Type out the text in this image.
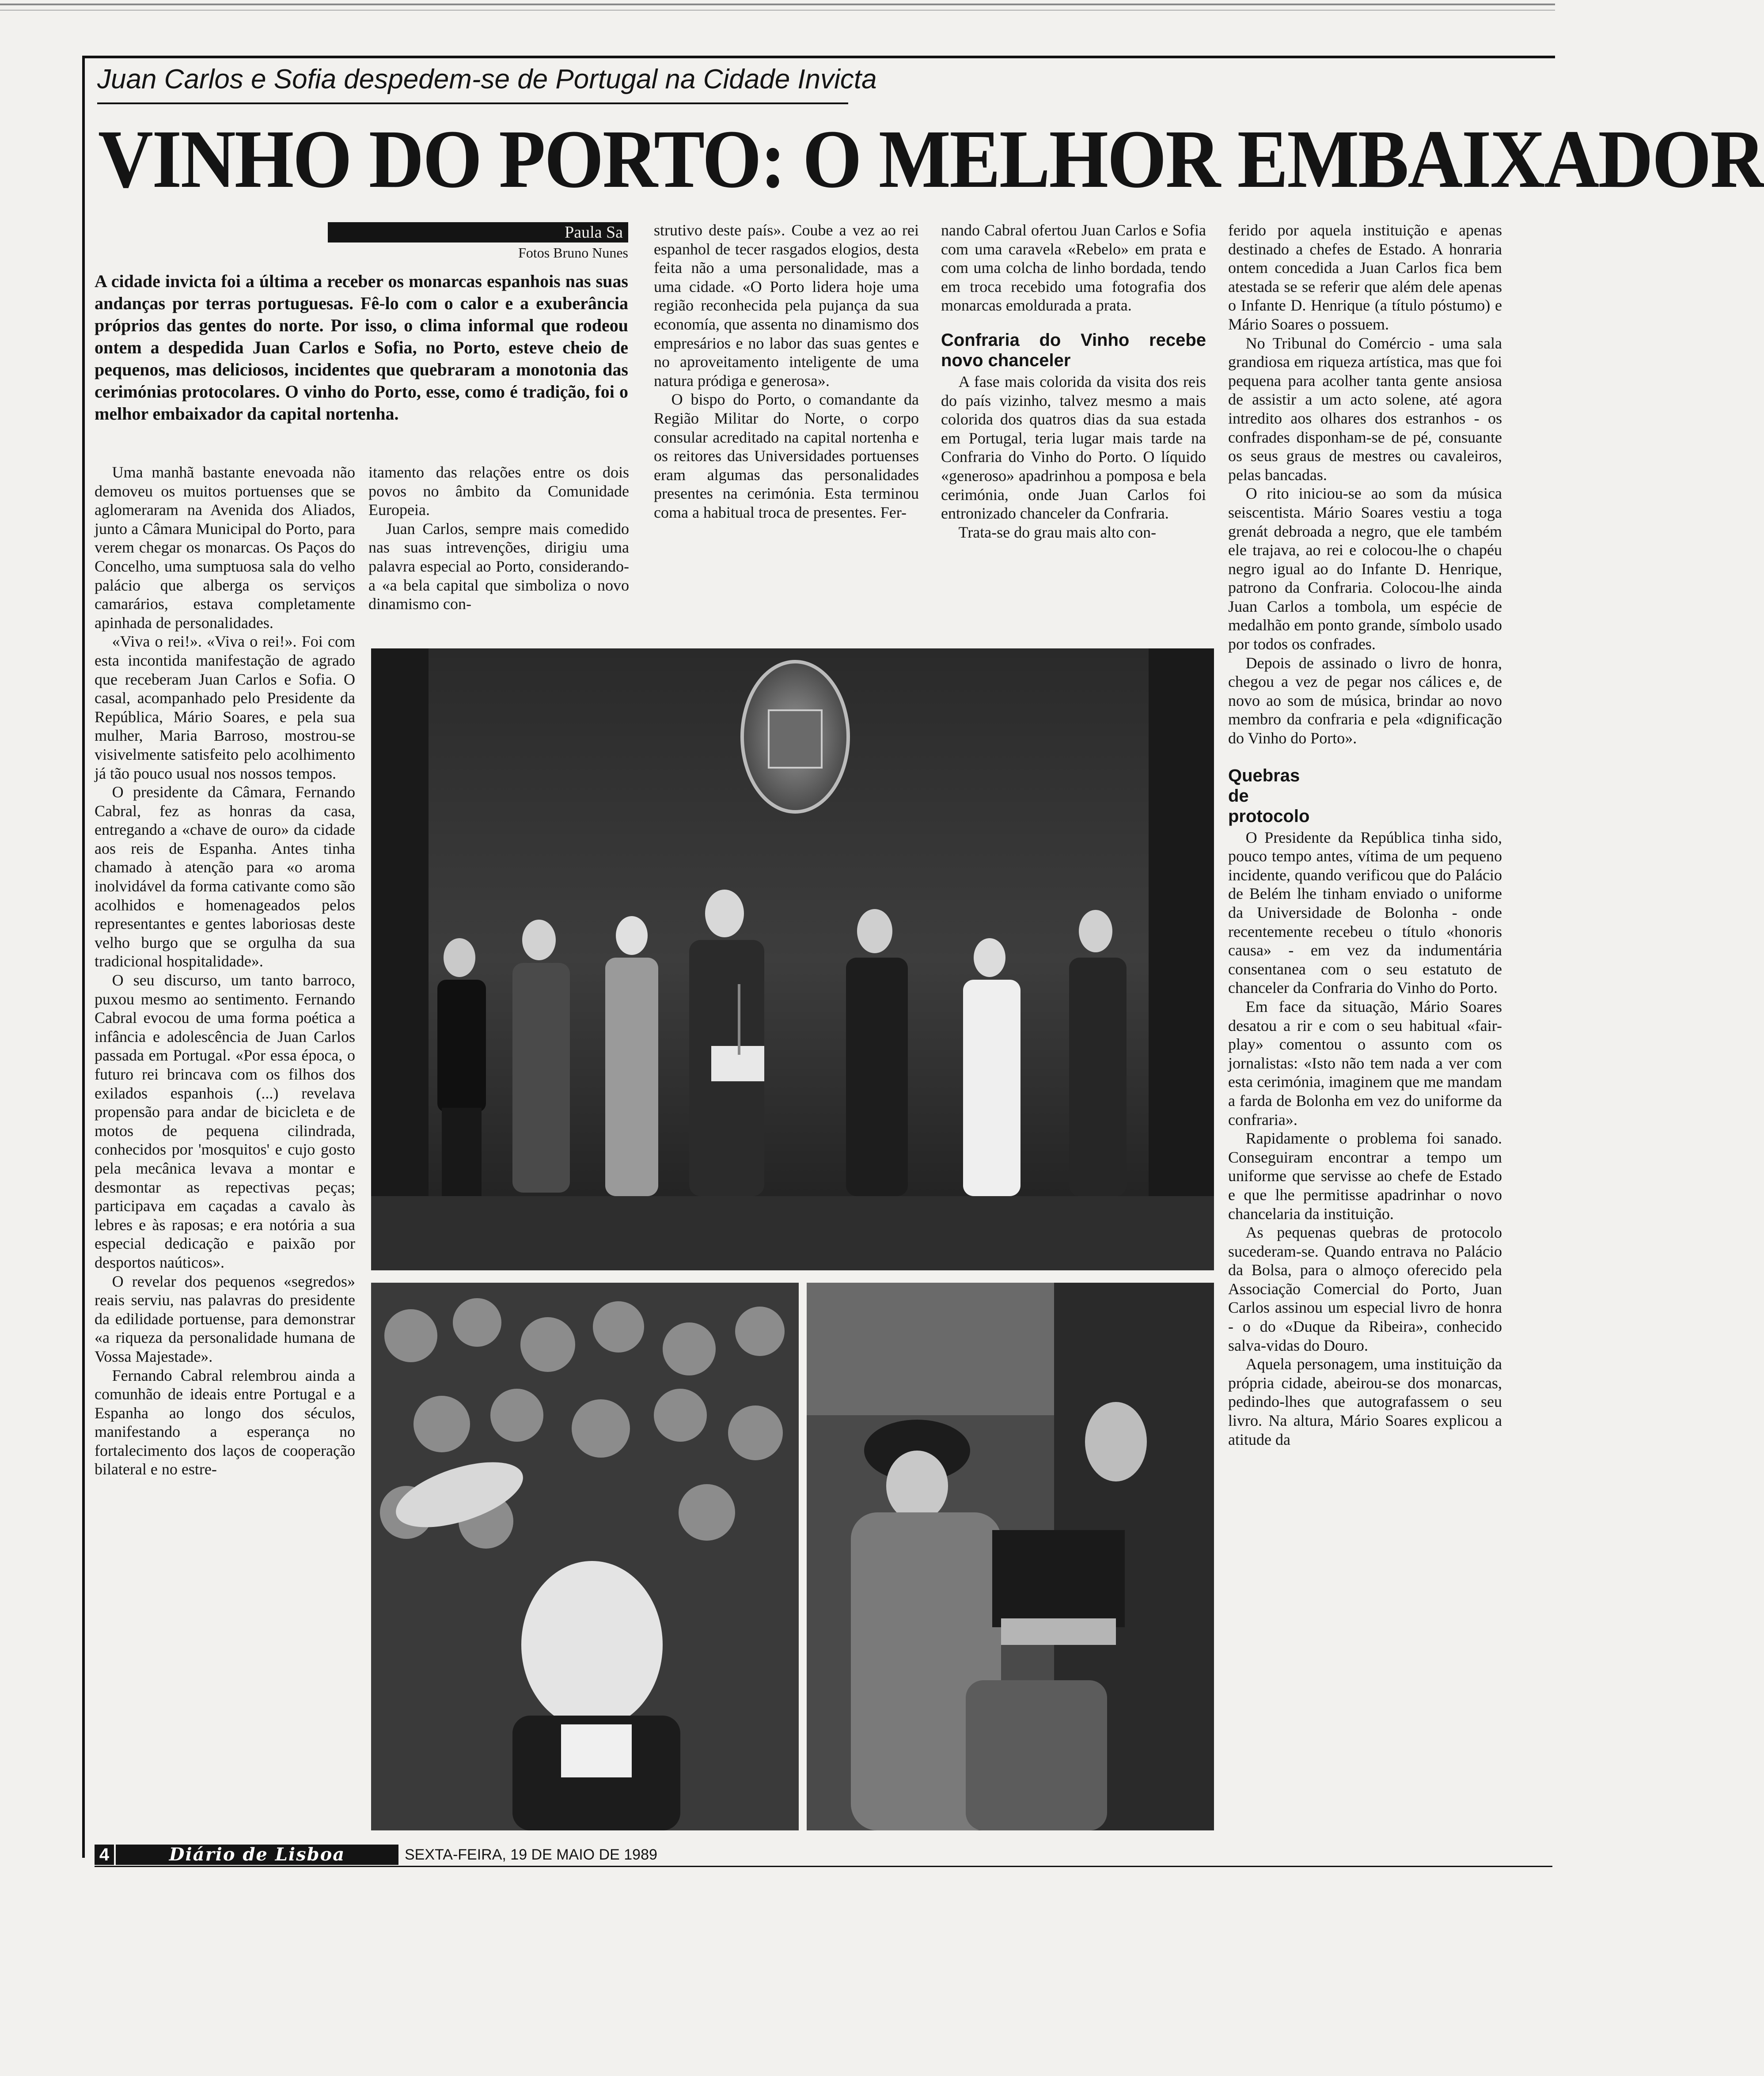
Juan Carlos e Sofia despedem-se de Portugal na Cidade Invicta
VINHO DO PORTO: O MELHOR EMBAIXADOR
Paula Sa
Fotos Bruno Nunes
A cidade invicta foi a última a receber os monarcas espanhois nas suas andanças por terras portuguesas. Fê-lo com o calor e a exuberância próprios das gentes do norte. Por isso, o clima informal que rodeou ontem a despedida Juan Carlos e Sofia, no Porto, esteve cheio de pequenos, mas deliciosos, incidentes que quebraram a monotonia das cerimónias protocolares. O vinho do Porto, esse, como é tradição, foi o melhor embaixador da capital nortenha.

Uma manhã bastante enevoada não demoveu os muitos portuenses que se aglomeraram na Avenida dos Aliados, junto a Câmara Municipal do Porto, para verem chegar os monarcas. Os Paços do Concelho, uma sumptuosa sala do velho palácio que alberga os serviços camarários, estava completamente apinhada de personalidades.

«Viva o rei!». «Viva o rei!». Foi com esta incontida manifestação de agrado que receberam Juan Carlos e Sofia. O casal, acompanhado pelo Presidente da República, Mário Soares, e pela sua mulher, Maria Barroso, mostrou-se visivelmente satisfeito pelo acolhimento já tão pouco usual nos nossos tempos.

O presidente da Câmara, Fernando Cabral, fez as honras da casa, entregando a «chave de ouro» da cidade aos reis de Espanha. Antes tinha chamado à atenção para «o aroma inolvidável da forma cativante como são acolhidos e homenageados pelos representantes e gentes laboriosas deste velho burgo que se orgulha da sua tradicional hospitalidade».

O seu discurso, um tanto barroco, puxou mesmo ao sentimento. Fernando Cabral evocou de uma forma poética a infância e adolescência de Juan Carlos passada em Portugal. «Por essa época, o futuro rei brincava com os filhos dos exilados espanhois (...) revelava propensão para andar de bicicleta e de motos de pequena cilindrada, conhecidos por 'mosquitos' e cujo gosto pela mecânica levava a montar e desmontar as repectivas peças; participava em caçadas a cavalo às lebres e às raposas; e era notória a sua especial dedicação e paixão por desportos naúticos».

O revelar dos pequenos «segredos» reais serviu, nas palavras do presidente da edilidade portuense, para demonstrar «a riqueza da personalidade humana de Vossa Majestade».

Fernando Cabral relembrou ainda a comunhão de ideais entre Portugal e a Espanha ao longo dos séculos, manifestando a esperança no fortalecimento dos laços de cooperação bilateral e no estre-

itamento das relações entre os dois povos no âmbito da Comunidade Europeia.

Juan Carlos, sempre mais comedido nas suas intrevenções, dirigiu uma palavra especial ao Porto, considerando-a «a bela capital que simboliza o novo dinamismo con-

strutivo deste país». Coube a vez ao rei espanhol de tecer rasgados elogios, desta feita não a uma personalidade, mas a uma cidade. «O Porto lidera hoje uma região reconhecida pela pujança da sua economía, que assenta no dinamismo dos empresários e no labor das suas gentes e no aproveitamento inteligente de uma natura pródiga e generosa».

O bispo do Porto, o comandante da Região Militar do Norte, o corpo consular acreditado na capital nortenha e os reitores das Universidades portuenses eram algumas das personalidades presentes na cerimónia. Esta terminou coma a habitual troca de presentes. Fer-

nando Cabral ofertou Juan Carlos e Sofia com uma caravela «Rebelo» em prata e com uma colcha de linho bordada, tendo em troca recebido uma fotografia dos monarcas emoldurada a prata.

Confraria do Vinho recebe novo chanceler

A fase mais colorida da visita dos reis do país vizinho, talvez mesmo a mais colorida dos quatros dias da sua estada em Portugal, teria lugar mais tarde na Confraria do Vinho do Porto. O líquido «generoso» apadrinhou a pomposa e bela cerimónia, onde Juan Carlos foi entronizado chanceler da Confraria.

Trata-se do grau mais alto con-

ferido por aquela instituição e apenas destinado a chefes de Estado. A honraria ontem concedida a Juan Carlos fica bem atestada se se referir que além dele apenas o Infante D. Henrique (a título póstumo) e Mário Soares o possuem.

No Tribunal do Comércio - uma sala grandiosa em riqueza artística, mas que foi pequena para acolher tanta gente ansiosa de assistir a um acto solene, até agora intredito aos olhares dos estranhos - os confrades disponham-se de pé, consuante os seus graus de mestres ou cavaleiros, pelas bancadas.

O rito iniciou-se ao som da música seiscentista. Mário Soares vestiu a toga grenát debroada a negro, que ele também ele trajava, ao rei e colocou-lhe o chapéu negro igual ao do Infante D. Henrique, patrono da Confraria. Colocou-lhe ainda Juan Carlos a tombola, um espécie de medalhão em ponto grande, símbolo usado por todos os confrades.

Depois de assinado o livro de honra, chegou a vez de pegar nos cálices e, de novo ao som de música, brindar ao novo membro da confraria e pela «dignificação do Vinho do Porto».

Quebras de protocolo

O Presidente da República tinha sido, pouco tempo antes, vítima de um pequeno incidente, quando verificou que do Palácio de Belém lhe tinham enviado o uniforme da Universidade de Bolonha - onde recentemente recebeu o título «honoris causa» - em vez da indumentária consentanea com o seu estatuto de chanceler da Confraria do Vinho do Porto.

Em face da situação, Mário Soares desatou a rir e com o seu habitual «fair-play» comentou o assunto com os jornalistas: «Isto não tem nada a ver com esta cerimónia, imaginem que me mandam a farda de Bolonha em vez do uniforme da confraria».

Rapidamente o problema foi sanado. Conseguiram encontrar a tempo um uniforme que servisse ao chefe de Estado e que lhe permitisse apadrinhar o novo chancelaria da instituição.

As pequenas quebras de protocolo sucederam-se. Quando entrava no Palácio da Bolsa, para o almoço oferecido pela Associação Comercial do Porto, Juan Carlos assinou um especial livro de honra - o do «Duque da Ribeira», conhecido salva-vidas do Douro.

Aquela personagem, uma instituição da própria cidade, abeirou-se dos monarcas, pedindo-lhes que autografassem o seu livro. Na altura, Mário Soares explicou a atitude da

4	Diário de Lisboa	SEXTA-FEIRA, 19 DE MAIO DE 1989
